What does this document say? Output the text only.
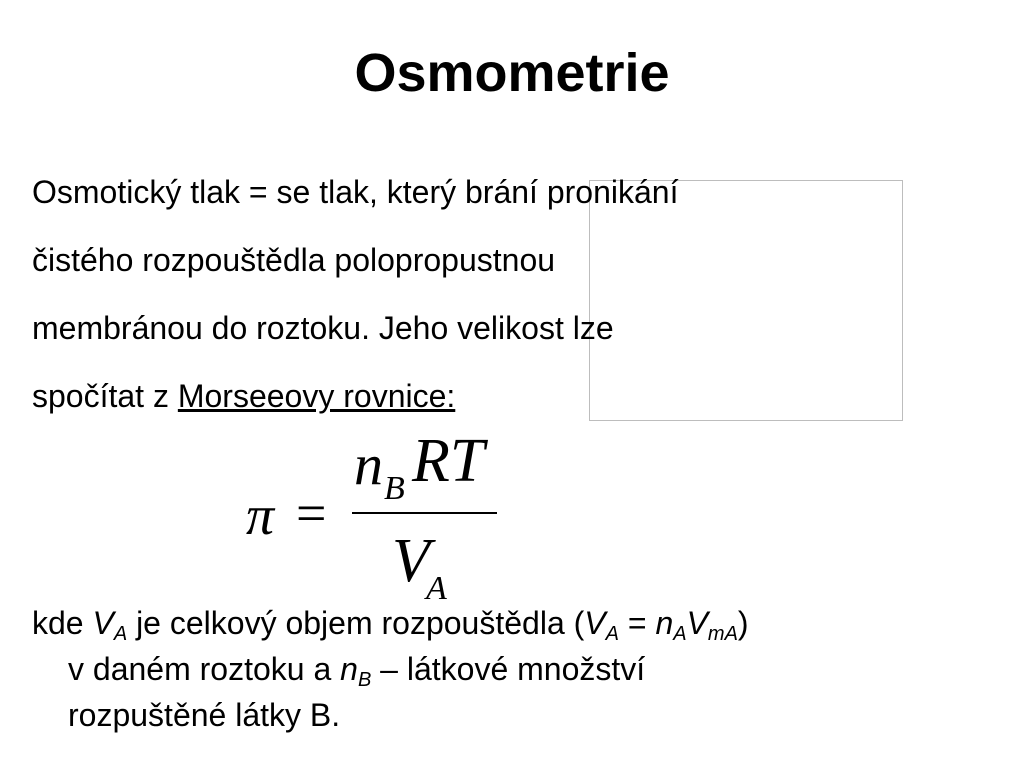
Osmometrie
Osmotický tlak = se tlak, který brání pronikání
čistého rozpouštědla polopropustnou
membránou do roztoku. Jeho velikost lze
spočítat z Morseeovy rovnice:
π =
n B RT
V
A
kde $V_A$ je celkový objem rozpouštědla $(V_A = n_AV_{mA})$
v daném roztoku a $n_B$ – látkové množství
rozpuštěné látky B.
